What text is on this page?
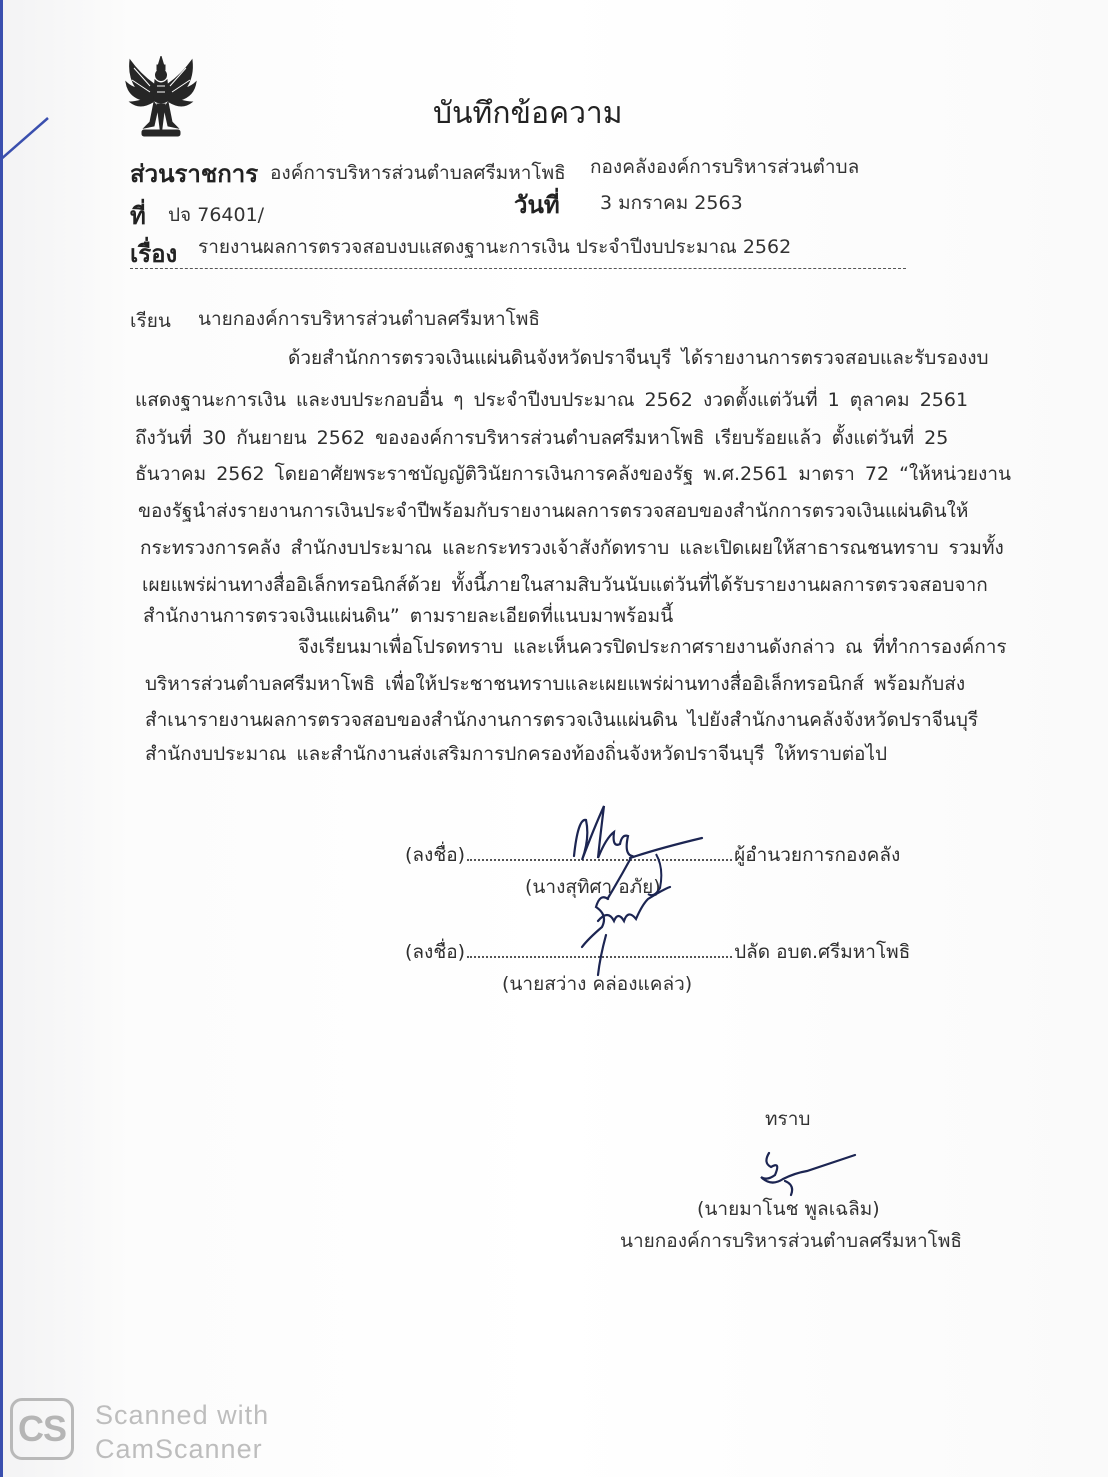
บันทึกข้อความ
ส่วนราชการ องค์การบริหารส่วนตำบลศรีมหาโพธิ กองคลังองค์การบริหารส่วนตำบล
ที่ ปจ 76401/	วันที่ 3 มกราคม 2563
เรื่อง รายงานผลการตรวจสอบงบแสดงฐานะการเงิน ประจำปีงบประมาณ 2562
เรียน นายกองค์การบริหารส่วนตำบลศรีมหาโพธิ
ด้วยสำนักการตรวจเงินแผ่นดินจังหวัดปราจีนบุรี ได้รายงานการตรวจสอบและรับรองงบ
แสดงฐานะการเงิน และงบประกอบอื่น ๆ ประจำปีงบประมาณ 2562 งวดตั้งแต่วันที่ 1 ตุลาคม 2561
ถึงวันที่ 30 กันยายน 2562 ขององค์การบริหารส่วนตำบลศรีมหาโพธิ เรียบร้อยแล้ว ตั้งแต่วันที่ 25
ธันวาคม 2562 โดยอาศัยพระราชบัญญัติวินัยการเงินการคลังของรัฐ พ.ศ.2561 มาตรา 72 “ให้หน่วยงาน
ของรัฐนำส่งรายงานการเงินประจำปีพร้อมกับรายงานผลการตรวจสอบของสำนักการตรวจเงินแผ่นดินให้
กระทรวงการคลัง สำนักงบประมาณ และกระทรวงเจ้าสังกัดทราบ และเปิดเผยให้สาธารณชนทราบ รวมทั้ง
เผยแพร่ผ่านทางสื่ออิเล็กทรอนิกส์ด้วย ทั้งนี้ภายในสามสิบวันนับแต่วันที่ได้รับรายงานผลการตรวจสอบจาก
สำนักงานการตรวจเงินแผ่นดิน” ตามรายละเอียดที่แนบมาพร้อมนี้
จึงเรียนมาเพื่อโปรดทราบ และเห็นควรปิดประกาศรายงานดังกล่าว ณ ที่ทำการองค์การ
บริหารส่วนตำบลศรีมหาโพธิ เพื่อให้ประชาชนทราบและเผยแพร่ผ่านทางสื่ออิเล็กทรอนิกส์ พร้อมกับส่ง
สำเนารายงานผลการตรวจสอบของสำนักงานการตรวจเงินแผ่นดิน ไปยังสำนักงานคลังจังหวัดปราจีนบุรี
สำนักงบประมาณ และสำนักงานส่งเสริมการปกครองท้องถิ่นจังหวัดปราจีนบุรี ให้ทราบต่อไป
(ลงชื่อ)	ผู้อำนวยการกองคลัง
(นางสุทิศา อภัย)
(ลงชื่อ)	ปลัด อบต.ศรีมหาโพธิ
(นายสว่าง คล่องแคล่ว)
ทราบ
(นายมาโนช พูลเฉลิม)
นายกองค์การบริหารส่วนตำบลศรีมหาโพธิ
CS Scanned with
CamScanner
